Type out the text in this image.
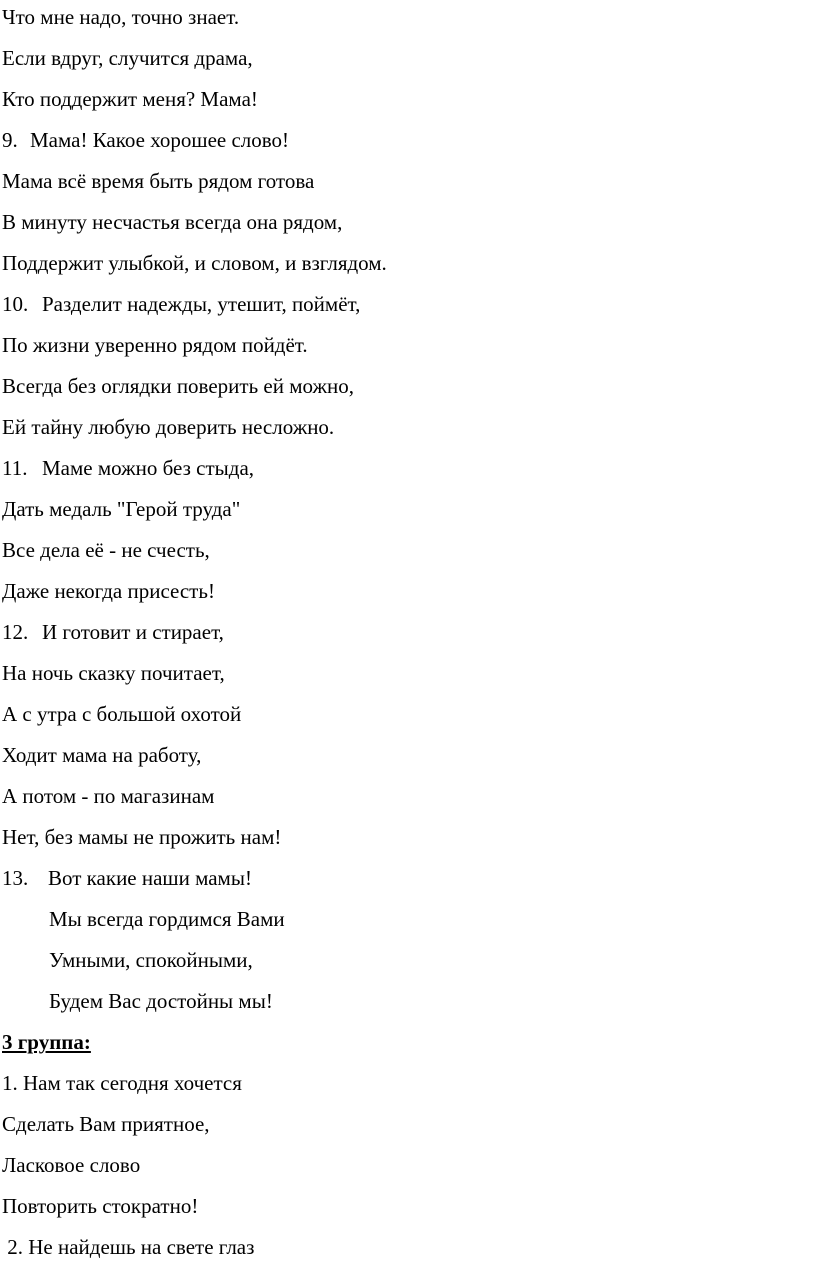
Что мне надо, точно знает.
Если вдруг, случится драма,
Кто поддержит меня? Мама!
9. Мама! Какое хорошее слово!
Мама всё время быть рядом готова
В минуту несчастья всегда она рядом,
Поддержит улыбкой, и словом, и взглядом.
10. Разделит надежды, утешит, поймёт,
По жизни уверенно рядом пойдёт.
Всегда без оглядки поверить ей можно,
Ей тайну любую доверить несложно.
11. Маме можно без стыда,
Дать медаль "Герой труда"
Все дела её - не счесть,
Даже некогда присесть!
12. И готовит и стирает,
На ночь сказку почитает,
А с утра с большой охотой
Ходит мама на работу,
А потом - по магазинам
Нет, без мамы не прожить нам!
13. Вот какие наши мамы!
Мы всегда гордимся Вами
Умными, спокойными,
Будем Вас достойны мы!
3 группа:
1. Нам так сегодня хочется
Сделать Вам приятное,
Ласковое слово
Повторить стократно!
2. Не найдешь на свете глаз
